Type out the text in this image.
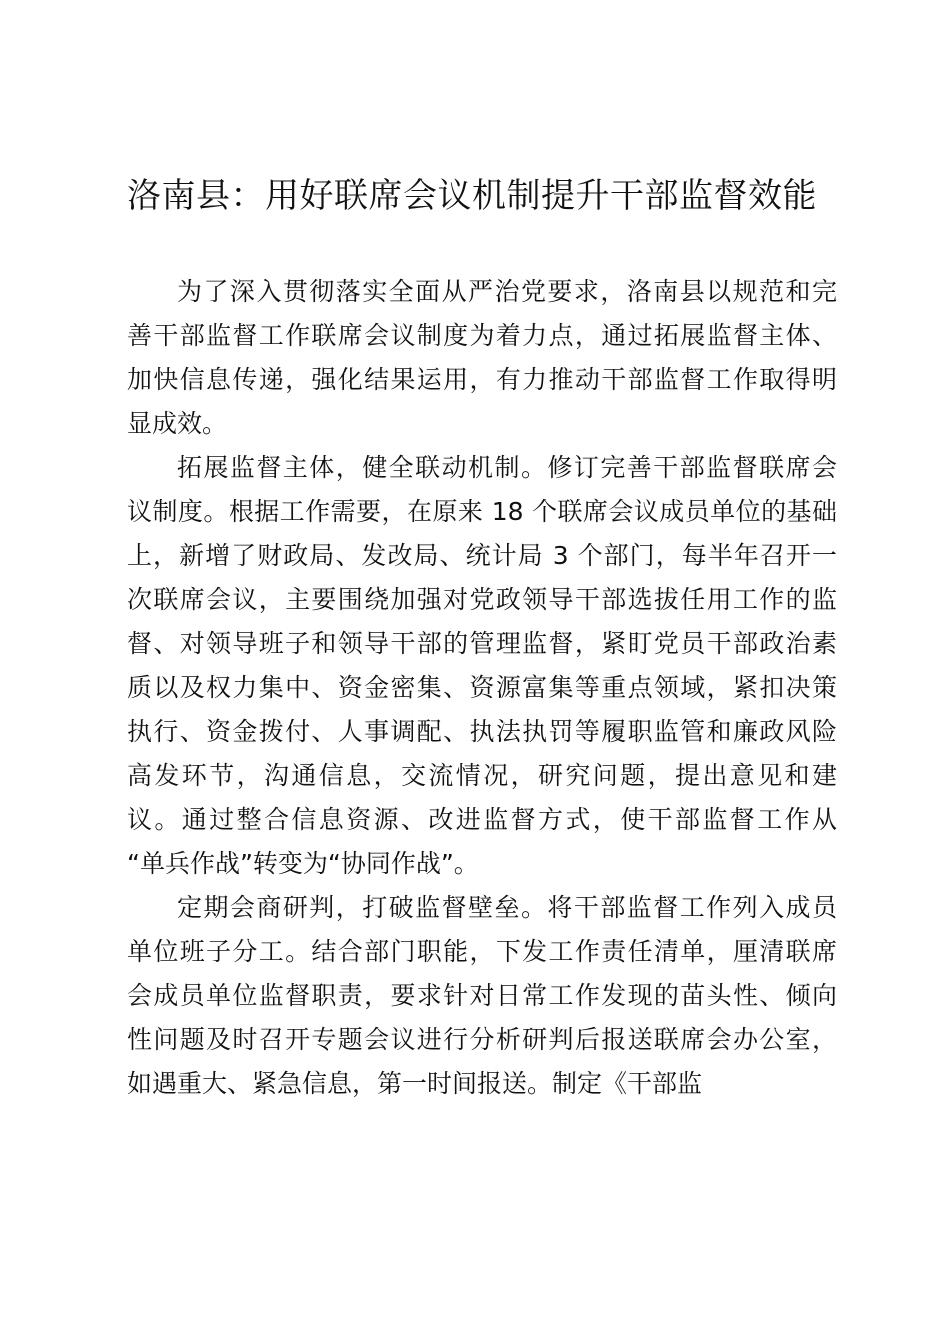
洛南县：用好联席会议机制提升干部监督效能
为了深入贯彻落实全面从严治党要求，洛南县以规范和完
善干部监督工作联席会议制度为着力点，通过拓展监督主体、
加快信息传递，强化结果运用，有力推动干部监督工作取得明
显成效。
拓展监督主体，健全联动机制。修订完善干部监督联席会
议制度。根据工作需要，在原来 18 个联席会议成员单位的基础
上，新增了财政局、发改局、统计局 3 个部门，每半年召开一
次联席会议，主要围绕加强对党政领导干部选拔任用工作的监
督、对领导班子和领导干部的管理监督，紧盯党员干部政治素
质以及权力集中、资金密集、资源富集等重点领域，紧扣决策
执行、资金拨付、人事调配、执法执罚等履职监管和廉政风险
高发环节，沟通信息，交流情况，研究问题，提出意见和建
议。通过整合信息资源、改进监督方式，使干部监督工作从
“单兵作战”转变为“协同作战”。
定期会商研判，打破监督壁垒。将干部监督工作列入成员
单位班子分工。结合部门职能，下发工作责任清单，厘清联席
会成员单位监督职责，要求针对日常工作发现的苗头性、倾向
性问题及时召开专题会议进行分析研判后报送联席会办公室，
如遇重大、紧急信息，第一时间报送。制定《干部监
